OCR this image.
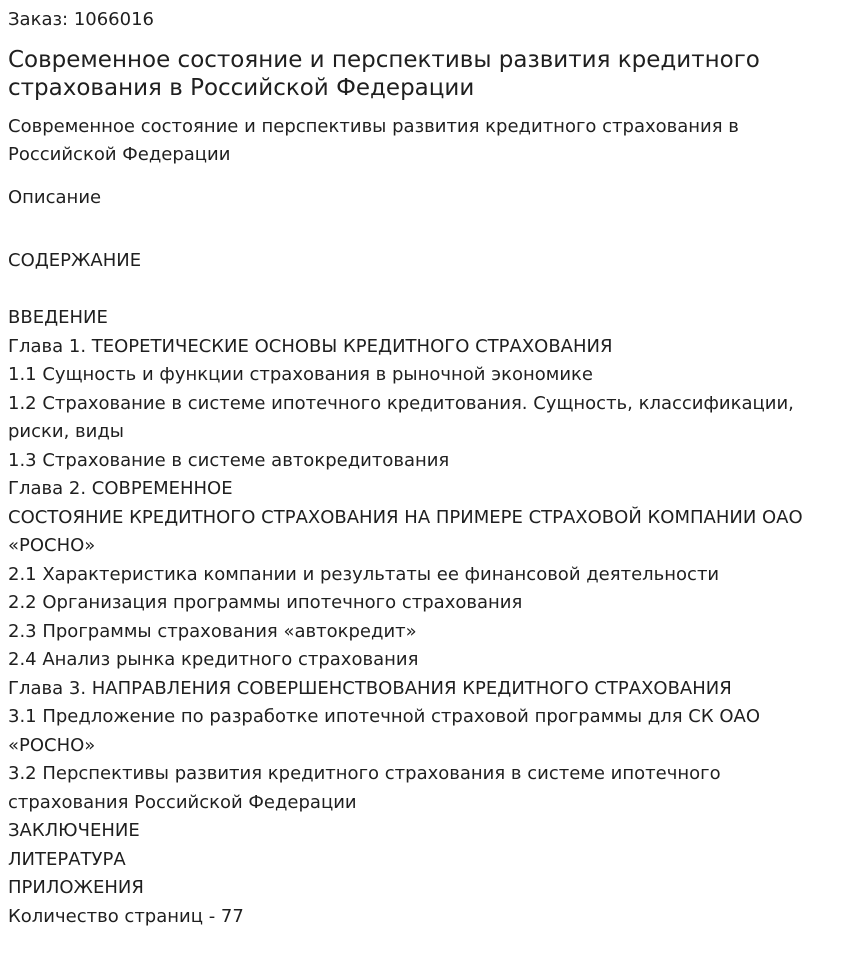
Заказ: 1066016

Современное состояние и перспективы развития кредитного страхования в Российской Федерации

Современное состояние и перспективы развития кредитного страхования в Российской Федерации

Описание

СОДЕРЖАНИЕ

ВВЕДЕНИЕ
Глава 1. ТЕОРЕТИЧЕСКИЕ ОСНОВЫ КРЕДИТНОГО СТРАХОВАНИЯ
1.1 Сущность и функции страхования в рыночной экономике
1.2 Страхование в системе ипотечного кредитования. Сущность, классификации, риски, виды
1.3 Страхование в системе автокредитования
Глава 2. СОВРЕМЕННОЕ
СОСТОЯНИЕ КРЕДИТНОГО СТРАХОВАНИЯ НА ПРИМЕРЕ СТРАХОВОЙ КОМПАНИИ ОАО «РОСНО»
2.1 Характеристика компании и результаты ее финансовой деятельности
2.2 Организация программы ипотечного страхования
2.3 Программы страхования «автокредит»
2.4 Анализ рынка кредитного страхования
Глава 3. НАПРАВЛЕНИЯ СОВЕРШЕНСТВОВАНИЯ КРЕДИТНОГО СТРАХОВАНИЯ
3.1 Предложение по разработке ипотечной страховой программы для СК ОАО «РОСНО»
3.2 Перспективы развития кредитного страхования в системе ипотечного страхования Российской Федерации
ЗАКЛЮЧЕНИЕ
ЛИТЕРАТУРА
ПРИЛОЖЕНИЯ

Количество страниц - 77
